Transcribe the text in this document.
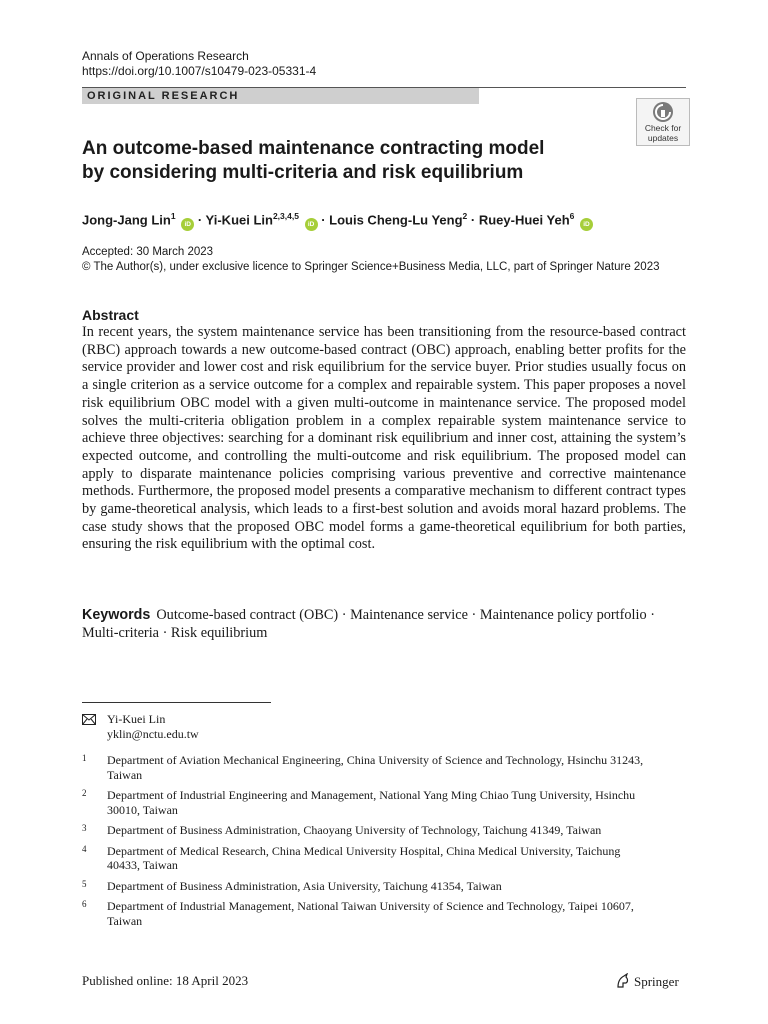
Annals of Operations Research
https://doi.org/10.1007/s10479-023-05331-4
ORIGINAL RESEARCH
Check for
updates
An outcome-based maintenance contracting model
by considering multi-criteria and risk equilibrium
Jong-Jang Lin$^1$ iD · Yi-Kuei Lin$^{2,3,4,5}$ iD · Louis Cheng-Lu Yeng$^2$ · Ruey-Huei Yeh$^6$ iD
Accepted: 30 March 2023
© The Author(s), under exclusive licence to Springer Science+Business Media, LLC, part of Springer Nature 2023
Abstract
In recent years, the system maintenance service has been transitioning from the resource-based contract (RBC) approach towards a new outcome-based contract (OBC) approach, enabling better profits for the service provider and lower cost and risk equilibrium for the service buyer. Prior studies usually focus on a single criterion as a service outcome for a complex and repairable system. This paper proposes a novel risk equilibrium OBC model with a given multi-outcome in maintenance service. The proposed model solves the multi-criteria obligation problem in a complex repairable system maintenance service to achieve three objectives: searching for a dominant risk equilibrium and inner cost, attaining the system’s expected outcome, and controlling the multi-outcome and risk equilibrium. The proposed model can apply to disparate maintenance policies comprising various preventive and corrective maintenance methods. Furthermore, the proposed model presents a comparative mechanism to different contract types by game-theoretical analysis, which leads to a first-best solution and avoids moral hazard problems. The case study shows that the proposed OBC model forms a game-theoretical equilibrium for both parties, ensuring the risk equilibrium with the optimal cost.
Keywords Outcome-based contract (OBC) · Maintenance service · Maintenance policy portfolio · Multi-criteria · Risk equilibrium
Yi-Kuei Lin
yklin@nctu.edu.tw
1 Department of Aviation Mechanical Engineering, China University of Science and Technology, Hsinchu 31243, Taiwan
2 Department of Industrial Engineering and Management, National Yang Ming Chiao Tung University, Hsinchu 30010, Taiwan
3 Department of Business Administration, Chaoyang University of Technology, Taichung 41349, Taiwan
4 Department of Medical Research, China Medical University Hospital, China Medical University, Taichung 40433, Taiwan
5 Department of Business Administration, Asia University, Taichung 41354, Taiwan
6 Department of Industrial Management, National Taiwan University of Science and Technology, Taipei 10607, Taiwan
Published online: 18 April 2023	Springer
